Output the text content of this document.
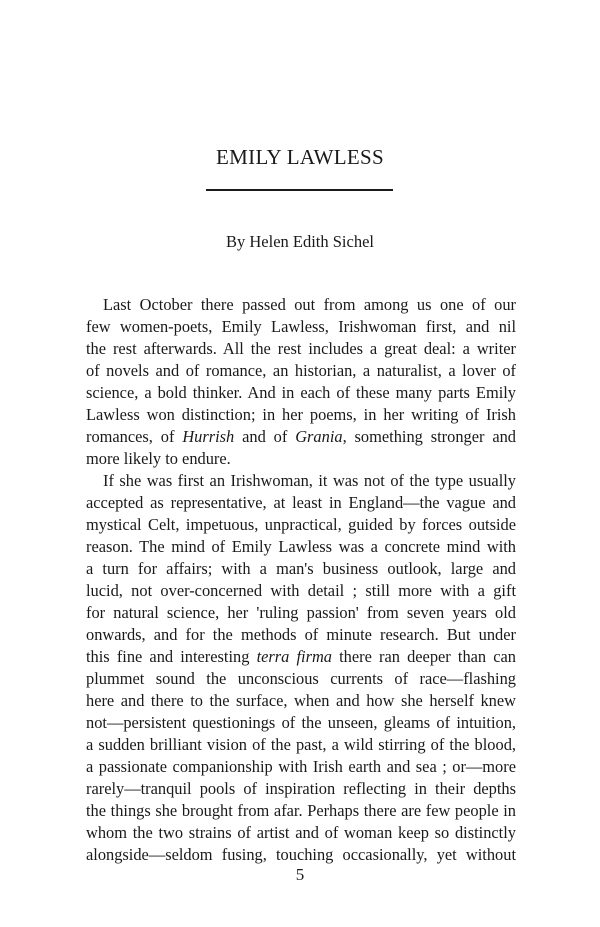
EMILY LAWLESS
By Helen Edith Sichel
Last October there passed out from among us one of our
few women-poets, Emily Lawless, Irishwoman first, and nil
the rest afterwards. All the rest includes a great deal: a writer
of novels and of romance, an historian, a naturalist, a lover of
science, a bold thinker. And in each of these many parts Emily
Lawless won distinction; in her poems, in her writing of Irish
romances, of Hurrish and of Grania, something stronger and
more likely to endure.
If she was first an Irishwoman, it was not of the type usually
accepted as representative, at least in England—the vague and
mystical Celt, impetuous, unpractical, guided by forces outside
reason. The mind of Emily Lawless was a concrete mind with
a turn for affairs; with a man's business outlook, large and
lucid, not over-concerned with detail ; still more with a gift
for natural science, her 'ruling passion' from seven years old
onwards, and for the methods of minute research. But under
this fine and interesting terra firma there ran deeper than can
plummet sound the unconscious currents of race—flashing
here and there to the surface, when and how she herself knew
not—persistent questionings of the unseen, gleams of intuition,
a sudden brilliant vision of the past, a wild stirring of the blood,
a passionate companionship with Irish earth and sea ; or—more
rarely—tranquil pools of inspiration reflecting in their depths
the things she brought from afar. Perhaps there are few people in
whom the two strains of artist and of woman keep so distinctly
alongside—seldom fusing, touching occasionally, yet without
5
